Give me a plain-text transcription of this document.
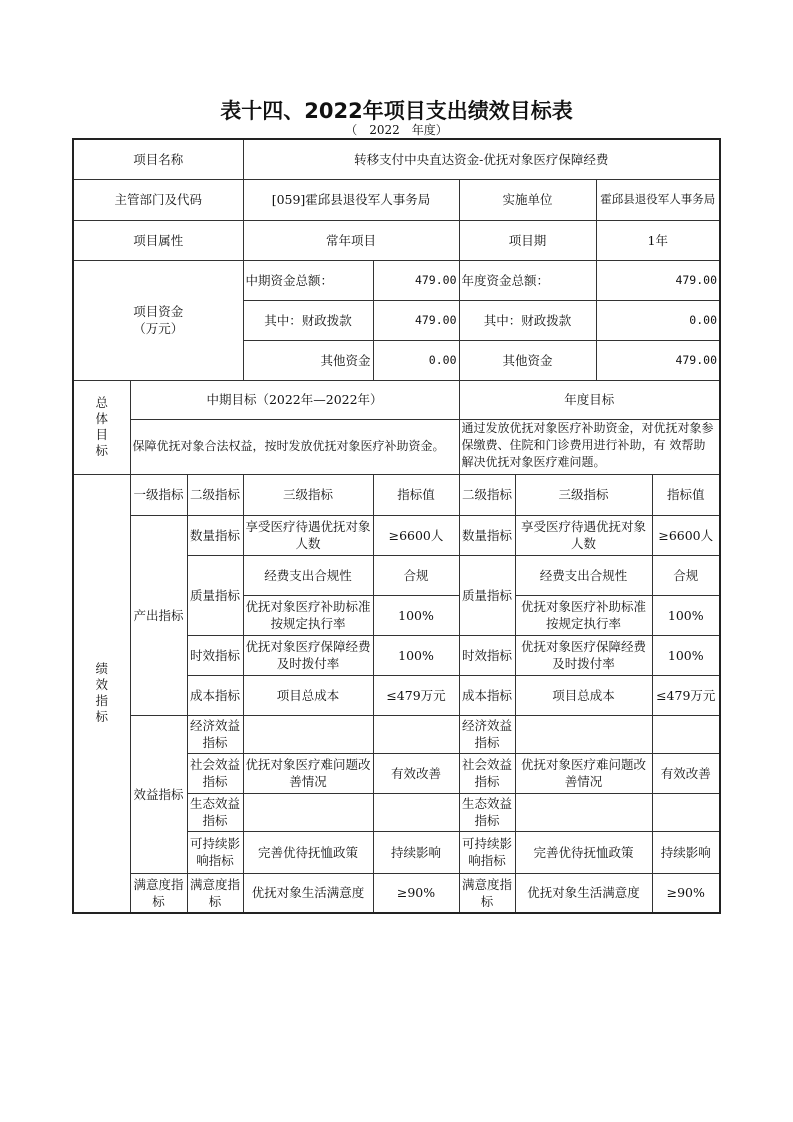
表十四、2022年项目支出绩效目标表
（　2022　年度）
项目名称			转移支付中央直达资金-优抚对象医疗保障经费					
主管部门及代码			[059]霍邱县退役军人事务局		实施单位		霍邱县退役军人事务局	
项目属性			常年项目		项目期		1年	
项目资金
（万元）			中期资金总额：	479.00	年度资金总额：		479.00	
			其中：财政拨款	479.00	其中：财政拨款		0.00	
			其他资金	0.00	其他资金		479.00	

总体目标	中期目标（2022年—2022年）				年度目标			
	保障优抚对象合法权益，按时发放优抚对象医疗补助资金。				通过发放优抚对象医疗补助资金，对优抚对象参保缴费、住院和门诊费用进行补助，有 效帮助解决优抚对象医疗难问题。			

绩效指标	一级指标	二级指标	三级指标	指标值	二级指标	三级指标		指标值
	产出指标	数量指标	享受医疗待遇优抚对象人数	≥6600人	数量指标	享受医疗待遇优抚对象人数		≥6600人
		质量指标	经费支出合规性	合规	质量指标	经费支出合规性		合规
			优抚对象医疗补助标准按规定执行率	100%		优抚对象医疗补助标准按规定执行率		100%
		时效指标	优抚对象医疗保障经费及时拨付率	100%	时效指标	优抚对象医疗保障经费及时拨付率		100%
		成本指标	项目总成本	≤479万元	成本指标	项目总成本		≤479万元
	效益指标	经济效益指标			经济效益指标			
		社会效益指标	优抚对象医疗难问题改善情况	有效改善	社会效益指标	优抚对象医疗难问题改善情况		有效改善
		生态效益指标			生态效益指标			
		可持续影响指标	完善优待抚恤政策	持续影响	可持续影响指标	完善优待抚恤政策		持续影响
	满意度指标	满意度指标	优抚对象生活满意度	≥90%	满意度指标	优抚对象生活满意度		≥90%
